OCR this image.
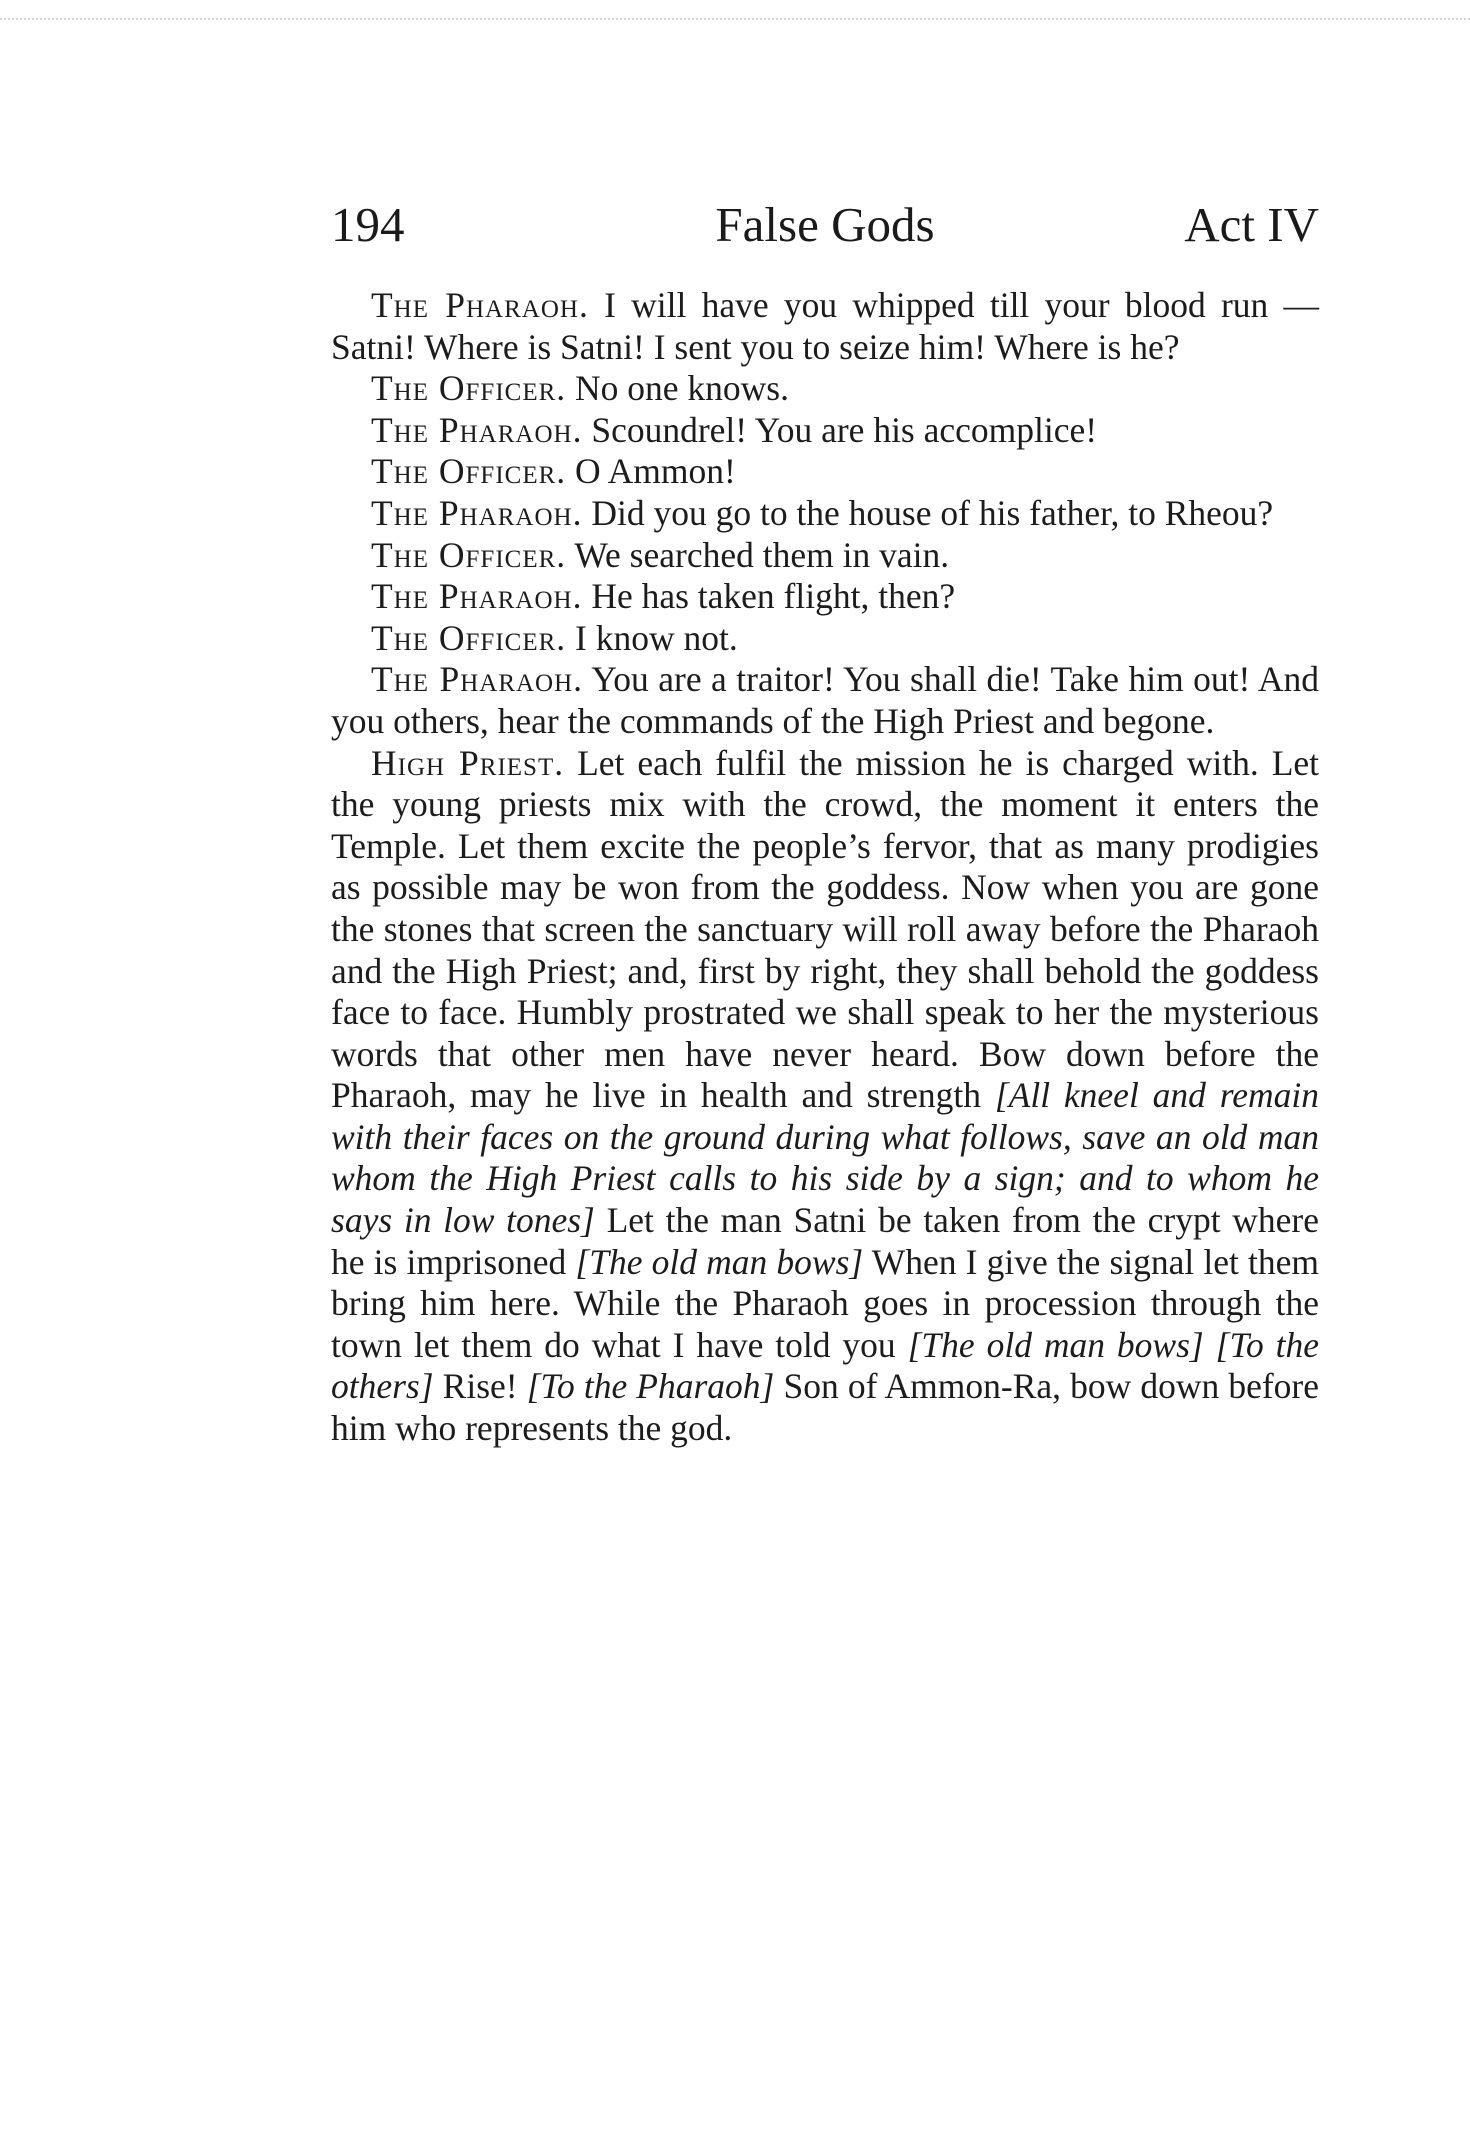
194	False Gods	Act IV

The Pharaoh. I will have you whipped till your blood run — Satni! Where is Satni! I sent you to seize him! Where is he?

The Officer. No one knows.

The Pharaoh. Scoundrel! You are his accomplice!

The Officer. O Ammon!

The Pharaoh. Did you go to the house of his father, to Rheou?

The Officer. We searched them in vain.

The Pharaoh. He has taken flight, then?

The Officer. I know not.

The Pharaoh. You are a traitor! You shall die! Take him out! And you others, hear the commands of the High Priest and begone.

High Priest. Let each fulfil the mission he is charged with. Let the young priests mix with the crowd, the moment it enters the Temple. Let them excite the people’s fervor, that as many prodigies as possible may be won from the goddess. Now when you are gone the stones that screen the sanctuary will roll away before the Pharaoh and the High Priest; and, first by right, they shall behold the goddess face to face. Humbly prostrated we shall speak to her the mysterious words that other men have never heard. Bow down before the Pharaoh, may he live in health and strength [All kneel and remain with their faces on the ground during what follows, save an old man whom the High Priest calls to his side by a sign; and to whom he says in low tones] Let the man Satni be taken from the crypt where he is imprisoned [The old man bows] When I give the signal let them bring him here. While the Pharaoh goes in procession through the town let them do what I have told you [The old man bows] [To the others] Rise! [To the Pharaoh] Son of Ammon-Ra, bow down before him who represents the god.
